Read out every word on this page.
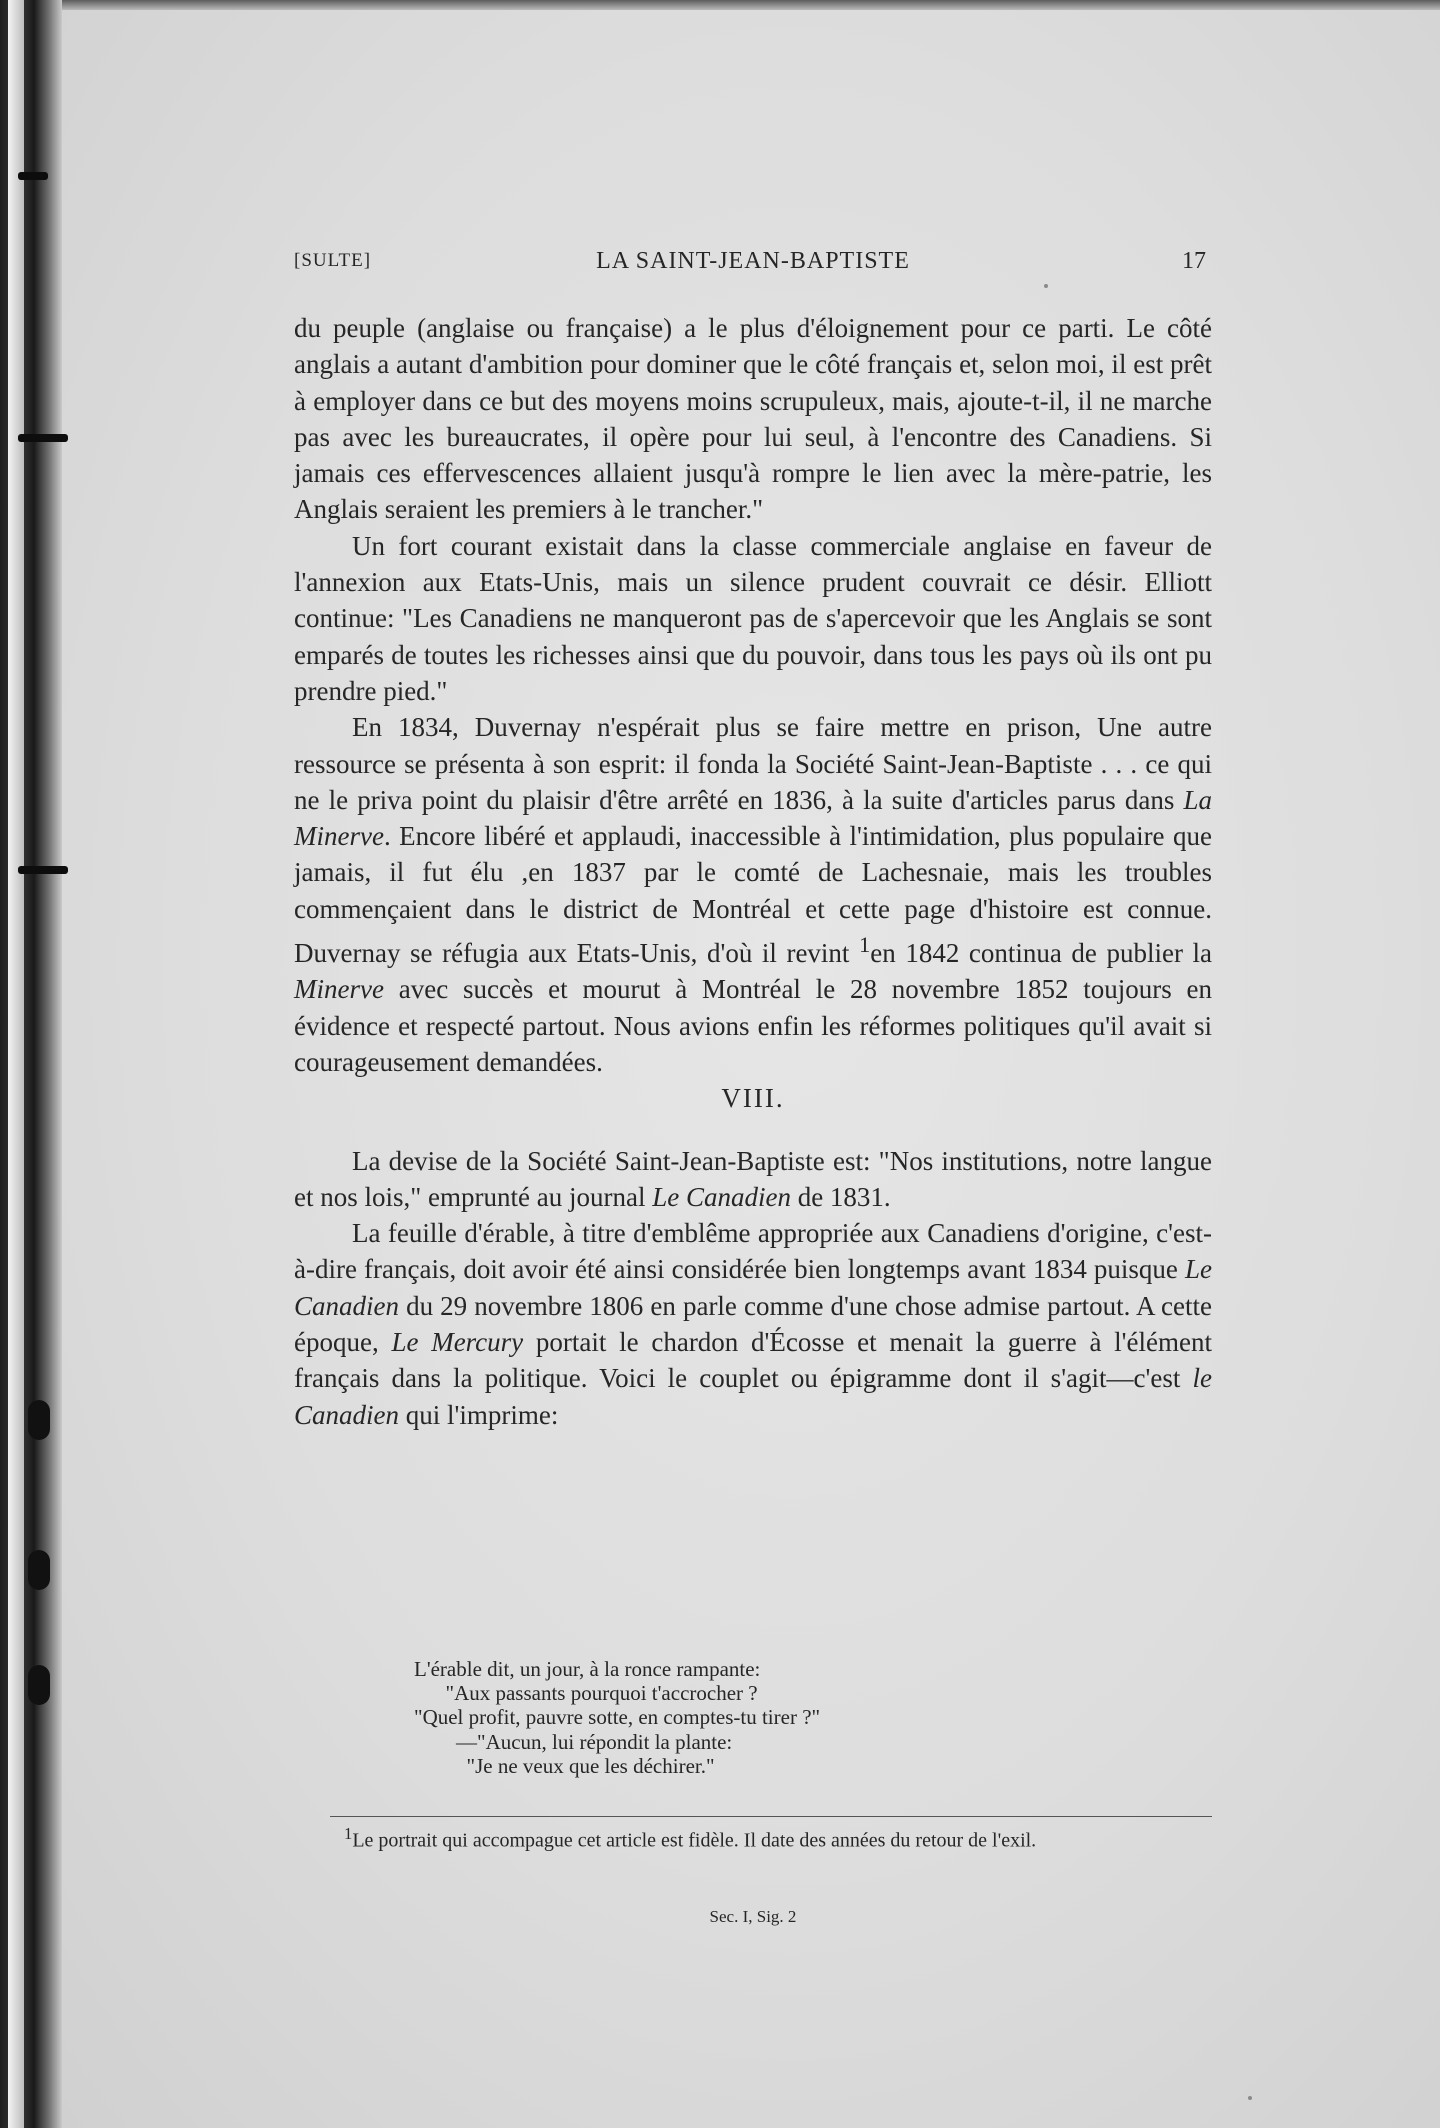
[SULTE]	LA SAINT-JEAN-BAPTISTE	17

du peuple (anglaise ou française) a le plus d'éloignement pour ce parti. Le côté anglais a autant d'ambition pour dominer que le côté français et, selon moi, il est prêt à employer dans ce but des moyens moins scrupuleux, mais, ajoute-t-il, il ne marche pas avec les bureaucrates, il opère pour lui seul, à l'encontre des Canadiens. Si jamais ces effervescences allaient jusqu'à rompre le lien avec la mère-patrie, les Anglais seraient les premiers à le trancher."

Un fort courant existait dans la classe commerciale anglaise en faveur de l'annexion aux Etats-Unis, mais un silence prudent couvrait ce désir. Elliott continue: "Les Canadiens ne manqueront pas de s'apercevoir que les Anglais se sont emparés de toutes les richesses ainsi que du pouvoir, dans tous les pays où ils ont pu prendre pied."

En 1834, Duvernay n'espérait plus se faire mettre en prison, Une autre ressource se présenta à son esprit: il fonda la Société Saint-Jean-Baptiste . . . ce qui ne le priva point du plaisir d'être arrêté en 1836, à la suite d'articles parus dans La Minerve. Encore libéré et applaudi, inaccessible à l'intimidation, plus populaire que jamais, il fut élu ,en 1837 par le comté de Lachesnaie, mais les troubles commençaient dans le district de Montréal et cette page d'histoire est connue. Duvernay se réfugia aux Etats-Unis, d'où il revint $^1$en 1842 continua de publier la Minerve avec succès et mourut à Montréal le 28 novembre 1852 toujours en évidence et respecté partout. Nous avions enfin les réformes politiques qu'il avait si courageusement demandées.

VIII.

La devise de la Société Saint-Jean-Baptiste est: "Nos institutions, notre langue et nos lois," emprunté au journal Le Canadien de 1831.

La feuille d'érable, à titre d'emblême appropriée aux Canadiens d'origine, c'est-à-dire français, doit avoir été ainsi considérée bien longtemps avant 1834 puisque Le Canadien du 29 novembre 1806 en parle comme d'une chose admise partout. A cette époque, Le Mercury portait le chardon d'Écosse et menait la guerre à l'élément français dans la politique. Voici le couplet ou épigramme dont il s'agit—c'est le Canadien qui l'imprime:

L'érable dit, un jour, à la ronce rampante:
"Aux passants pourquoi t'accrocher ?
"Quel profit, pauvre sotte, en comptes-tu tirer ?"
—"Aucun, lui répondit la plante:
"Je ne veux que les déchirer."

$^1$Le portrait qui accompague cet article est fidèle. Il date des années du retour de l'exil.

Sec. I, Sig. 2
